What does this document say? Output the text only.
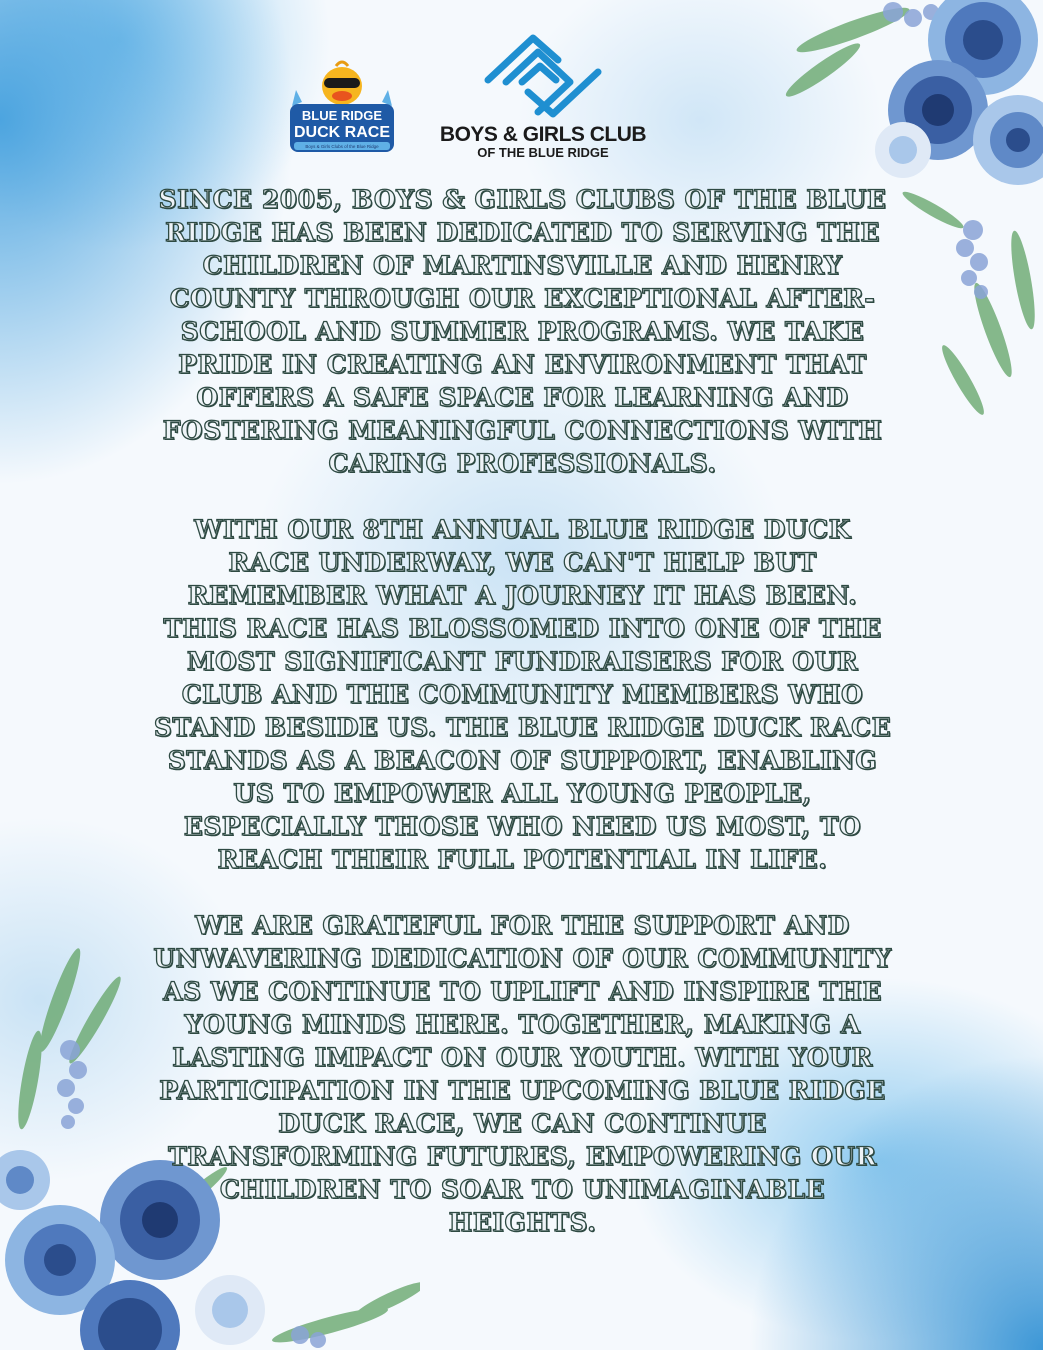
BLUE RIDGE
DUCK RACE
Boys & Girls Clubs of the Blue Ridge
BOYS & GIRLS CLUB
OF THE BLUE RIDGE

SINCE 2005, BOYS & GIRLS CLUBS OF THE BLUE RIDGE HAS BEEN DEDICATED TO SERVING THE CHILDREN OF MARTINSVILLE AND HENRY COUNTY THROUGH OUR EXCEPTIONAL AFTER-SCHOOL AND SUMMER PROGRAMS. WE TAKE PRIDE IN CREATING AN ENVIRONMENT THAT OFFERS A SAFE SPACE FOR LEARNING AND FOSTERING MEANINGFUL CONNECTIONS WITH CARING PROFESSIONALS.

WITH OUR 8TH ANNUAL BLUE RIDGE DUCK RACE UNDERWAY, WE CAN'T HELP BUT REMEMBER WHAT A JOURNEY IT HAS BEEN. THIS RACE HAS BLOSSOMED INTO ONE OF THE MOST SIGNIFICANT FUNDRAISERS FOR OUR CLUB AND THE COMMUNITY MEMBERS WHO STAND BESIDE US. THE BLUE RIDGE DUCK RACE STANDS AS A BEACON OF SUPPORT, ENABLING US TO EMPOWER ALL YOUNG PEOPLE, ESPECIALLY THOSE WHO NEED US MOST, TO REACH THEIR FULL POTENTIAL IN LIFE.

WE ARE GRATEFUL FOR THE SUPPORT AND UNWAVERING DEDICATION OF OUR COMMUNITY AS WE CONTINUE TO UPLIFT AND INSPIRE THE YOUNG MINDS HERE. TOGETHER, MAKING A LASTING IMPACT ON OUR YOUTH. WITH YOUR PARTICIPATION IN THE UPCOMING BLUE RIDGE DUCK RACE, WE CAN CONTINUE TRANSFORMING FUTURES, EMPOWERING OUR CHILDREN TO SOAR TO UNIMAGINABLE HEIGHTS.
